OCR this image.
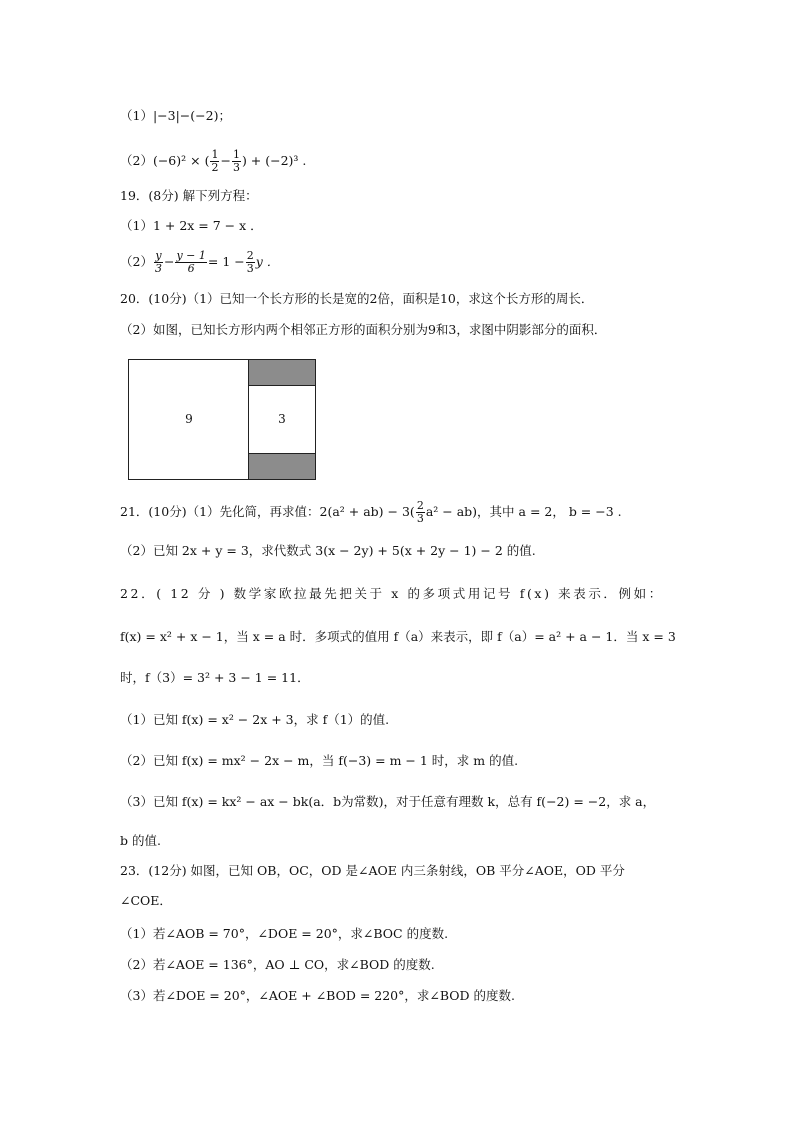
（1）|−3|−(−2)；
（2）(−6)² × ( $\frac{1}{2} - \frac{1}{3}$ ) + (−2)³ .
19．(8分) 解下列方程：
（1）1 + 2x = 7 − x ．
$(2) \frac{y}{3} - \frac{y - 1}{6} = 1 - \frac{2}{3}$ y ．
20．(10分)（1）已知一个长方形的长是宽的2倍，面积是10，求这个长方形的周长．
（2）如图，已知长方形内两个相邻正方形的面积分别为9和3，求图中阴影部分的面积．
9	3
21．(10分)（1）先化简，再求值：$2(a^2 + ab) - 3( \frac{2}{3} a^2 - ab)$，其中 a = 2， b = −3 .
（2）已知 2x + y = 3，求代数式 3(x − 2y) + 5(x + 2y − 1) − 2 的值.
22．( 12 分 ) 数学家欧拉最先把关于 x 的多项式用记号 f(x) 来表示．例如：
f(x) = x² + x − 1，当 x = a 时．多项式的值用 f（a）来表示，即 f（a）= a² + a − 1．当 x = 3
时，f（3）= 3² + 3 − 1 = 11．
（1）已知 f(x) = x² − 2x + 3，求 f（1）的值.
（2）已知 f(x) = mx² − 2x − m，当 f(−3) = m − 1 时，求 m 的值.
（3）已知 f(x) = kx² − ax − bk(a．b为常数)，对于任意有理数 k，总有 f(−2) = −2，求 a，
b 的值.
23．(12分) 如图，已知 OB，OC，OD 是∠AOE 内三条射线，OB 平分∠AOE，OD 平分
∠COE．
（1）若∠AOB = 70°，∠DOE = 20°，求∠BOC 的度数.
（2）若∠AOE = 136°，AO ⊥ CO，求∠BOD 的度数.
（3）若∠DOE = 20°，∠AOE + ∠BOD = 220°，求∠BOD 的度数.
